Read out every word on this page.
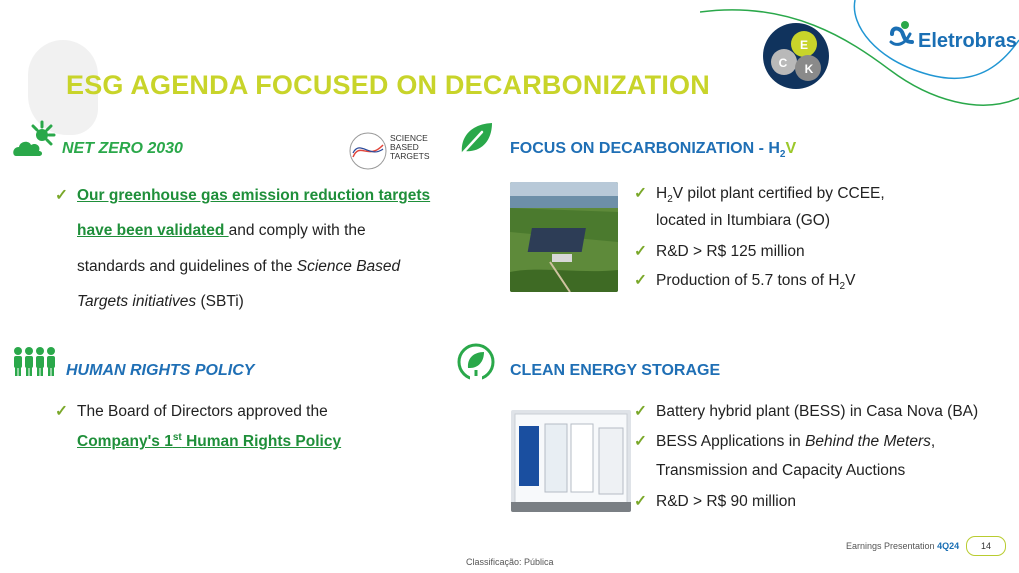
E
C K
Eletrobras
ESG AGENDA FOCUSED ON DECARBONIZATION
NET ZERO 2030
SCIENCE
BASED
TARGETS
✓ Our greenhouse gas emission reduction targets
have been validated and comply with the
standards and guidelines of the Science Based
Targets initiatives (SBTi)
FOCUS ON DECARBONIZATION - $H_2V$
✓ $H_2V$ pilot plant certified by CCEE,
located in Itumbiara (GO)
✓ R&D > R$ 125 million
✓ Production of 5.7 tons of $H_2V$
HUMAN RIGHTS POLICY
✓ The Board of Directors approved the
Company's 1st Human Rights Policy
CLEAN ENERGY STORAGE
✓ Battery hybrid plant (BESS) in Casa Nova (BA)
✓ BESS Applications in Behind the Meters,
Transmission and Capacity Auctions
✓ R&D > R$ 90 million
Earnings Presentation 4Q24	14
Classificação: Pública
